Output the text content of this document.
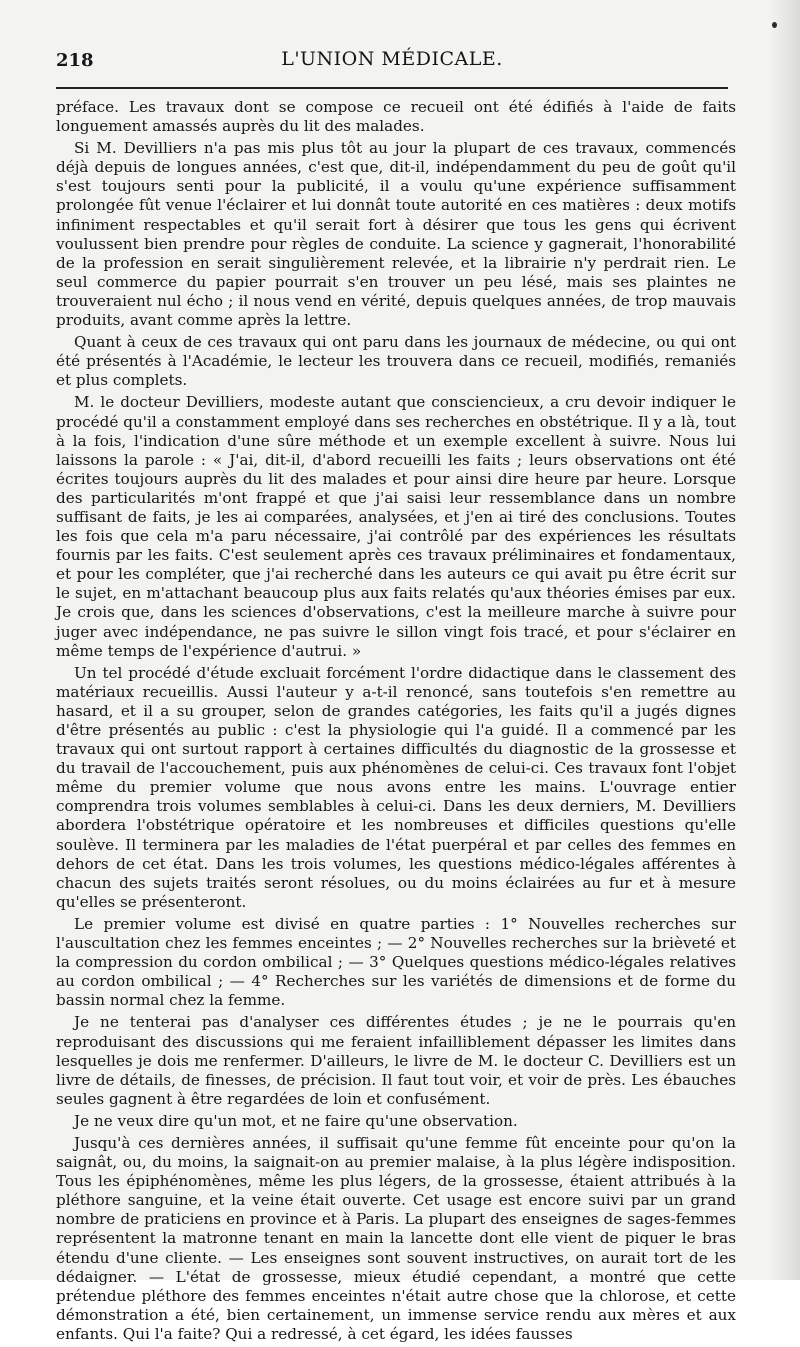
218	L'UNION MÉDICALE.

préface. Les travaux dont se compose ce recueil ont été édifiés à l'aide de faits longuement amassés auprès du lit des malades.

Si M. Devilliers n'a pas mis plus tôt au jour la plupart de ces travaux, commencés déjà depuis de longues années, c'est que, dit-il, indépendamment du peu de goût qu'il s'est toujours senti pour la publicité, il a voulu qu'une expérience suffisamment prolongée fût venue l'éclairer et lui donnât toute autorité en ces matières : deux motifs infiniment respectables et qu'il serait fort à désirer que tous les gens qui écrivent voulussent bien prendre pour règles de conduite. La science y gagnerait, l'honorabilité de la profession en serait singulièrement relevée, et la librairie n'y perdrait rien. Le seul commerce du papier pourrait s'en trouver un peu lésé, mais ses plaintes ne trouveraient nul écho ; il nous vend en vérité, depuis quelques années, de trop mauvais produits, avant comme après la lettre.

Quant à ceux de ces travaux qui ont paru dans les journaux de médecine, ou qui ont été présentés à l'Académie, le lecteur les trouvera dans ce recueil, modifiés, remaniés et plus complets.

M. le docteur Devilliers, modeste autant que consciencieux, a cru devoir indiquer le procédé qu'il a constamment employé dans ses recherches en obstétrique. Il y a là, tout à la fois, l'indication d'une sûre méthode et un exemple excellent à suivre. Nous lui laissons la parole : « J'ai, dit-il, d'abord recueilli les faits ; leurs observations ont été écrites toujours auprès du lit des malades et pour ainsi dire heure par heure. Lorsque des particularités m'ont frappé et que j'ai saisi leur ressemblance dans un nombre suffisant de faits, je les ai comparées, analysées, et j'en ai tiré des conclusions. Toutes les fois que cela m'a paru nécessaire, j'ai contrôlé par des expériences les résultats fournis par les faits. C'est seulement après ces travaux préliminaires et fondamentaux, et pour les compléter, que j'ai recherché dans les auteurs ce qui avait pu être écrit sur le sujet, en m'attachant beaucoup plus aux faits relatés qu'aux théories émises par eux. Je crois que, dans les sciences d'observations, c'est la meilleure marche à suivre pour juger avec indépendance, ne pas suivre le sillon vingt fois tracé, et pour s'éclairer en même temps de l'expérience d'autrui. »

Un tel procédé d'étude excluait forcément l'ordre didactique dans le classement des matériaux recueillis. Aussi l'auteur y a-t-il renoncé, sans toutefois s'en remettre au hasard, et il a su grouper, selon de grandes catégories, les faits qu'il a jugés dignes d'être présentés au public : c'est la physiologie qui l'a guidé. Il a commencé par les travaux qui ont surtout rapport à certaines difficultés du diagnostic de la grossesse et du travail de l'accouchement, puis aux phénomènes de celui-ci. Ces travaux font l'objet même du premier volume que nous avons entre les mains. L'ouvrage entier comprendra trois volumes semblables à celui-ci. Dans les deux derniers, M. Devilliers abordera l'obstétrique opératoire et les nombreuses et difficiles questions qu'elle soulève. Il terminera par les maladies de l'état puerpéral et par celles des femmes en dehors de cet état. Dans les trois volumes, les questions médico-légales afférentes à chacun des sujets traités seront résolues, ou du moins éclairées au fur et à mesure qu'elles se présenteront.

Le premier volume est divisé en quatre parties : 1° Nouvelles recherches sur l'auscultation chez les femmes enceintes ; — 2° Nouvelles recherches sur la brièveté et la compression du cordon ombilical ; — 3° Quelques questions médico-légales relatives au cordon ombilical ; — 4° Recherches sur les variétés de dimensions et de forme du bassin normal chez la femme.

Je ne tenterai pas d'analyser ces différentes études ; je ne le pourrais qu'en reproduisant des discussions qui me feraient infailliblement dépasser les limites dans lesquelles je dois me renfermer. D'ailleurs, le livre de M. le docteur C. Devilliers est un livre de détails, de finesses, de précision. Il faut tout voir, et voir de près. Les ébauches seules gagnent à être regardées de loin et confusément.

Je ne veux dire qu'un mot, et ne faire qu'une observation.

Jusqu'à ces dernières années, il suffisait qu'une femme fût enceinte pour qu'on la saignât, ou, du moins, la saignait-on au premier malaise, à la plus légère indisposition. Tous les épiphénomènes, même les plus légers, de la grossesse, étaient attribués à la pléthore sanguine, et la veine était ouverte. Cet usage est encore suivi par un grand nombre de praticiens en province et à Paris. La plupart des enseignes de sages-femmes représentent la matronne tenant en main la lancette dont elle vient de piquer le bras étendu d'une cliente. — Les enseignes sont souvent instructives, on aurait tort de les dédaigner. — L'état de grossesse, mieux étudié cependant, a montré que cette prétendue pléthore des femmes enceintes n'était autre chose que la chlorose, et cette démonstration a été, bien certainement, un immense service rendu aux mères et aux enfants. Qui l'a faite? Qui a redressé, à cet égard, les idées fausses
